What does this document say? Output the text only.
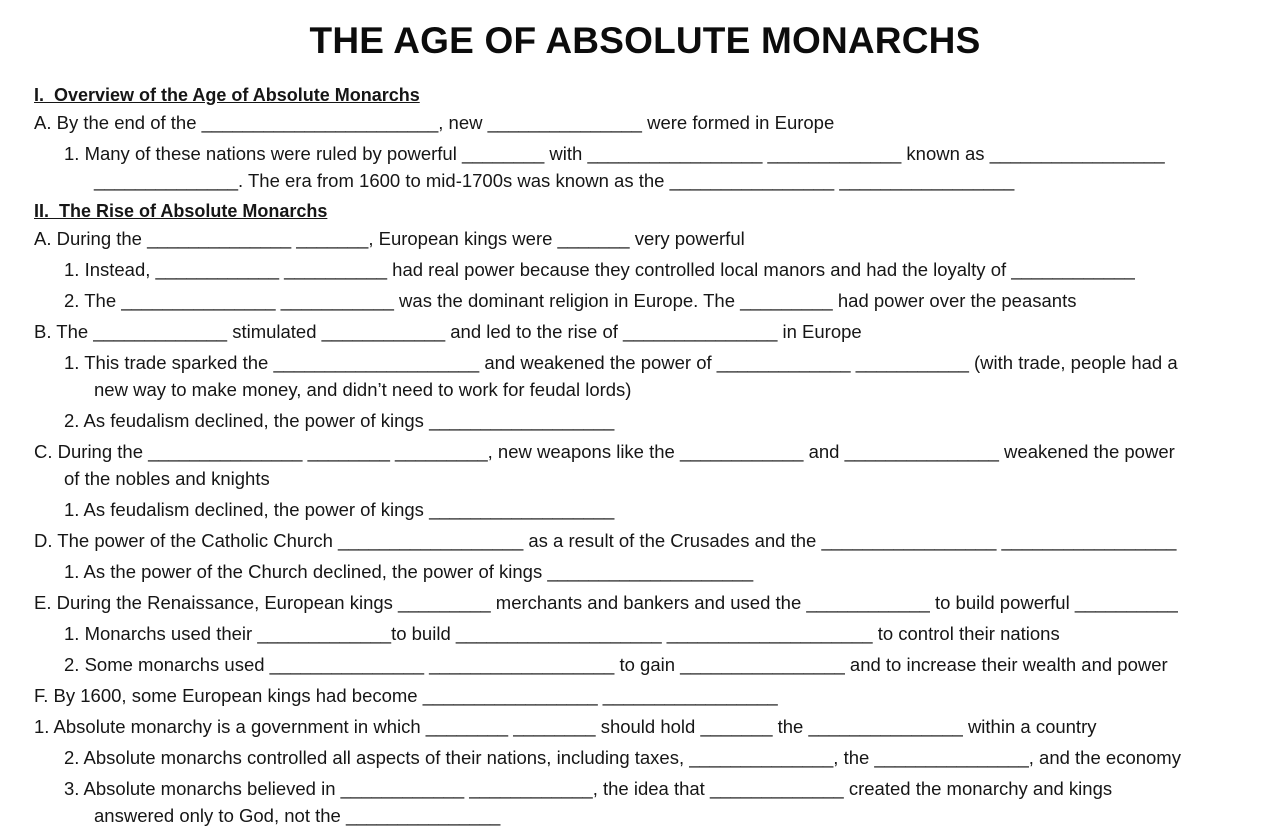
THE AGE OF ABSOLUTE MONARCHS
I.  Overview of the Age of Absolute Monarchs
A. By the end of the _______________________, new _______________ were formed in Europe
1. Many of these nations were ruled by powerful ________ with _________________ _____________ known as _________________
______________. The era from 1600 to mid-1700s was known as the ________________ _________________
II.  The Rise of Absolute Monarchs
A. During the ______________ _______, European kings were _______ very powerful
1. Instead, ____________ __________ had real power because they controlled local manors and had the loyalty of ____________
2. The _______________ ___________ was the dominant religion in Europe. The _________ had power over the peasants
B. The _____________ stimulated ____________ and led to the rise of _______________ in Europe
1. This trade sparked the ____________________ and weakened the power of _____________ ___________ (with trade, people had a
new way to make money, and didn’t need to work for feudal lords)
2. As feudalism declined, the power of kings __________________
C. During the _______________ ________ _________, new weapons like the ____________ and _______________ weakened the power
of the nobles and knights
1. As feudalism declined, the power of kings __________________
D. The power of the Catholic Church __________________ as a result of the Crusades and the _________________ _________________
1. As the power of the Church declined, the power of kings ____________________
E. During the Renaissance, European kings _________ merchants and bankers and used the ____________ to build powerful __________
1. Monarchs used their _____________to build ____________________ ____________________ to control their nations
2. Some monarchs used _______________ __________________ to gain ________________ and to increase their wealth and power
F. By 1600, some European kings had become _________________ _________________
1. Absolute monarchy is a government in which ________ ________ should hold _______ the _______________ within a country
2. Absolute monarchs controlled all aspects of their nations, including taxes, ______________, the _______________, and the economy
3. Absolute monarchs believed in ____________ ____________, the idea that _____________ created the monarchy and kings
answered only to God, not the _______________
